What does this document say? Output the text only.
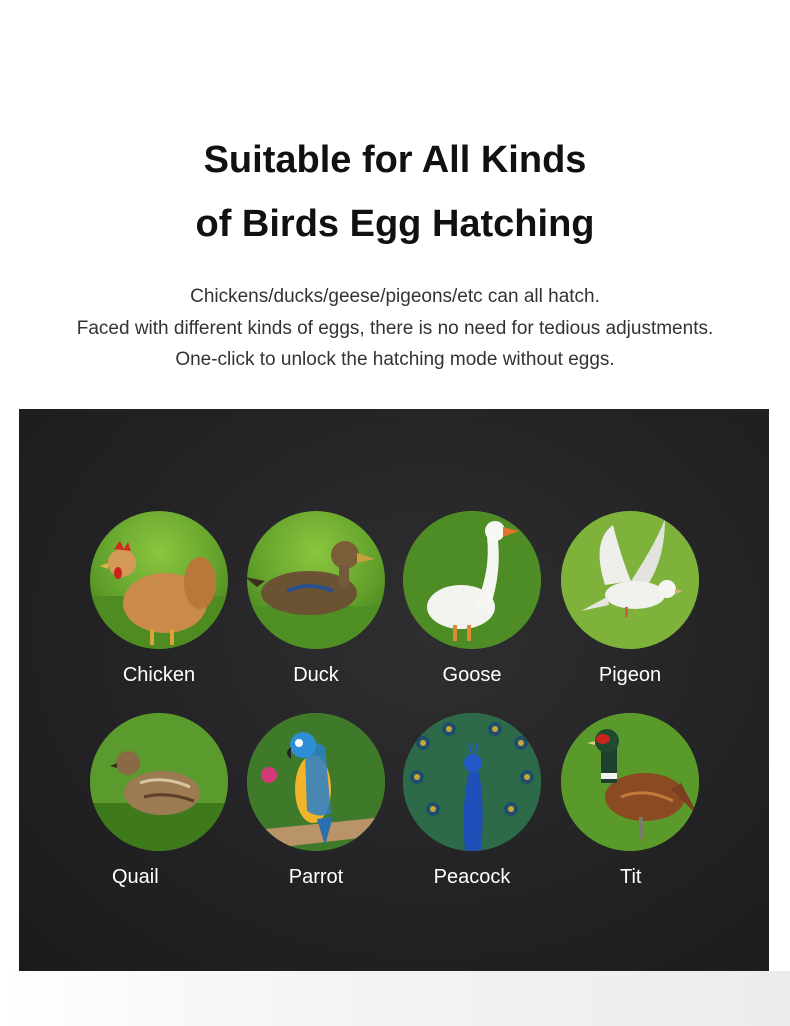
Suitable for All Kinds
of Birds Egg Hatching
Chickens/ducks/geese/pigeons/etc can all hatch.
Faced with different kinds of eggs, there is no need for tedious adjustments.
One-click to unlock the hatching mode without eggs.
Chicken	Duck	Goose	Pigeon
Quail	Parrot	Peacock	Tit
